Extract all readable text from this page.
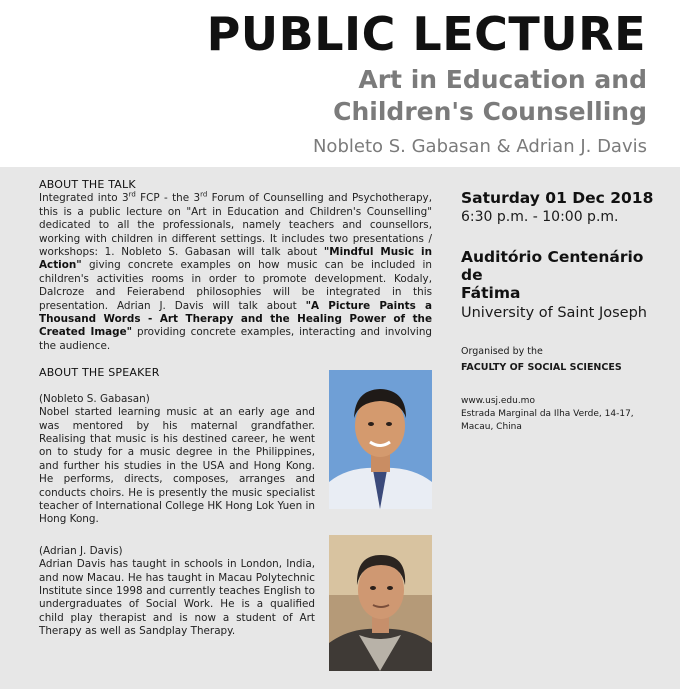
PUBLIC LECTURE
Art in Education and
Children's Counselling

Nobleto S. Gabasan & Adrian J. Davis

ABOUT THE TALK

Integrated into 3rd FCP - the 3rd Forum of Counselling and Psychotherapy, this is a public lecture on "Art in Education and Children's Counselling" dedicated to all the professionals, namely teachers and counsellors, working with children in different settings. It includes two presentations / workshops: 1. Nobleto S. Gabasan will talk about "Mindful Music in Action" giving concrete examples on how music can be included in children's activities rooms in order to promote development. Kodaly, Dalcroze and Feierabend philosophies will be integrated in this presentation. Adrian J. Davis will talk about "A Picture Paints a Thousand Words - Art Therapy and the Healing Power of the Created Image" providing concrete examples, interacting and involving the audience.

ABOUT THE SPEAKER

(Nobleto S. Gabasan)

Nobel started learning music at an early age and was mentored by his maternal grandfather. Realising that music is his destined career, he went on to study for a music degree in the Philippines, and further his studies in the USA and Hong Kong. He performs, directs, composes, arranges and conducts choirs. He is presently the music specialist teacher of International College HK Hong Lok Yuen in Hong Kong.

(Adrian J. Davis)

Adrian Davis has taught in schools in London, India, and now Macau. He has taught in Macau Polytechnic Institute since 1998 and currently teaches English to undergraduates of Social Work. He is a qualified child play therapist and is now a student of Art Therapy as well as Sandplay Therapy.

Saturday 01 Dec 2018

6:30 p.m. - 10:00 p.m.

Auditório Centenário de
Fátima

University of Saint Joseph

Organised by the

FACULTY OF SOCIAL SCIENCES

www.usj.edu.mo
Estrada Marginal da Ilha Verde, 14-17,
Macau, China
